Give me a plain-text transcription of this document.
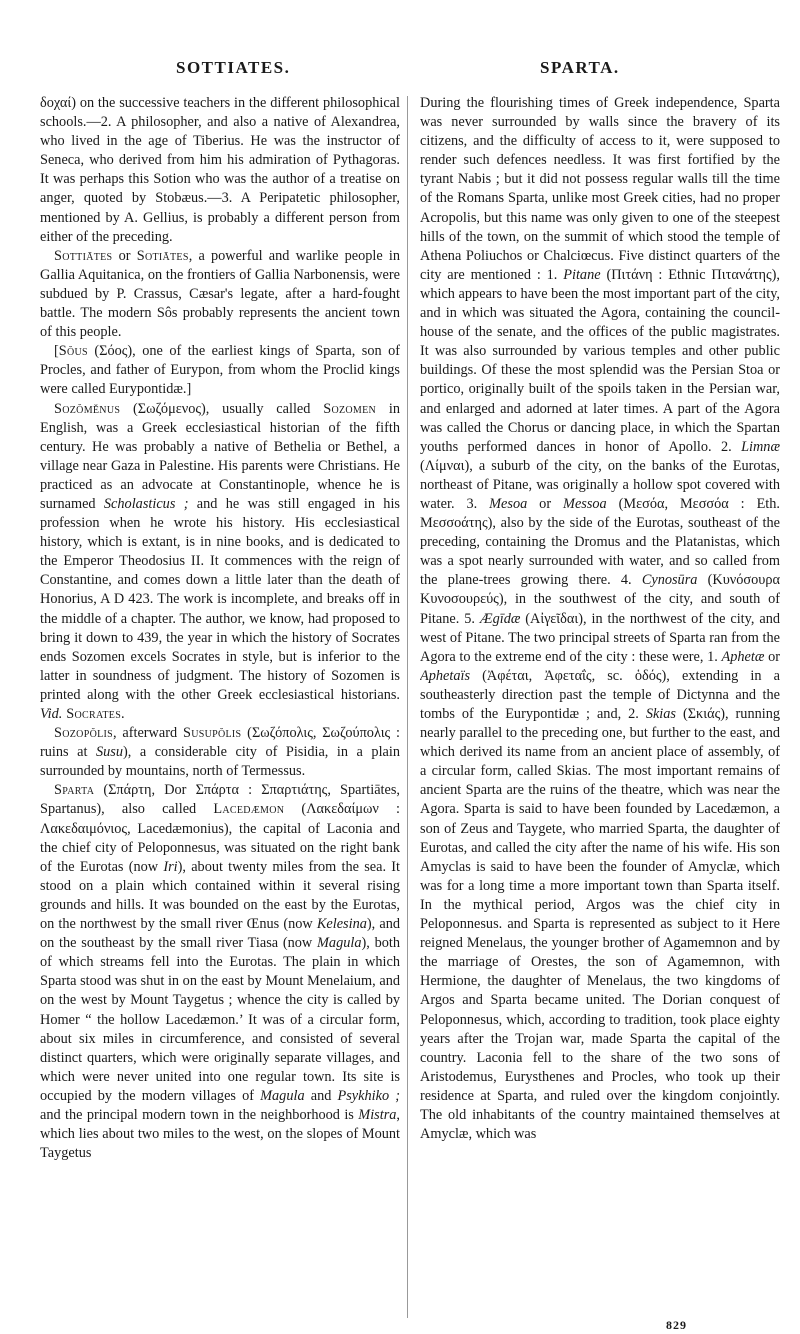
SOTTIATES.	SPARTA.

δοχαί) on the successive teachers in the different philosophical schools.—2. A philosopher, and also a native of Alexandrea, who lived in the age of Tiberius. He was the instructor of Seneca, who derived from him his admiration of Pythagoras. It was perhaps this Sotion who was the author of a treatise on anger, quoted by Stobæus.—3. A Peripatetic philosopher, mentioned by A. Gellius, is probably a different person from either of the preceding.

Sottiātes or Sotiātes, a powerful and warlike people in Gallia Aquitanica, on the frontiers of Gallia Narbonensis, were subdued by P. Crassus, Cæsar's legate, after a hard-fought battle. The modern Sôs probably represents the ancient town of this people.

[Sŏus (Σόος), one of the earliest kings of Sparta, son of Procles, and father of Eurypon, from whom the Proclid kings were called Eurypontidæ.]

Sozŏmĕnus (Σωζόμενος), usually called Sozomen in English, was a Greek ecclesiastical historian of the fifth century. He was probably a native of Bethelia or Bethel, a village near Gaza in Palestine. His parents were Christians. He practiced as an advocate at Constantinople, whence he is surnamed Scholasticus ; and he was still engaged in his profession when he wrote his history. His ecclesiastical history, which is extant, is in nine books, and is dedicated to the Emperor Theodosius II. It commences with the reign of Constantine, and comes down a little later than the death of Honorius, A D 423. The work is incomplete, and breaks off in the middle of a chapter. The author, we know, had proposed to bring it down to 439, the year in which the history of Socrates ends Sozomen excels Socrates in style, but is inferior to the latter in soundness of judgment. The history of Sozomen is printed along with the other Greek ecclesiastical historians. Vid. Socrates.

Sozopŏlis, afterward Susupŏlis (Σωζόπολις, Σωζούπολις : ruins at Susu), a considerable city of Pisidia, in a plain surrounded by mountains, north of Termessus.

Sparta (Σπάρτη, Dor Σπάρτα : Σπαρτιάτης, Spartiātes, Spartanus), also called Lacedæmon (Λακεδαίμων : Λακεδαιμόνιος, Lacedæmonius), the capital of Laconia and the chief city of Peloponnesus, was situated on the right bank of the Eurotas (now Iri), about twenty miles from the sea. It stood on a plain which contained within it several rising grounds and hills. It was bounded on the east by the Eurotas, on the northwest by the small river Œnus (now Kelesina), and on the southeast by the small river Tiasa (now Magula), both of which streams fell into the Eurotas. The plain in which Sparta stood was shut in on the east by Mount Menelaium, and on the west by Mount Taygetus ; whence the city is called by Homer “ the hollow Lacedæmon.’ It was of a circular form, about six miles in circumference, and consisted of several distinct quarters, which were originally separate villages, and which were never united into one regular town. Its site is occupied by the modern villages of Magula and Psykhiko ; and the principal modern town in the neighborhood is Mistra, which lies about two miles to the west, on the slopes of Mount Taygetus

During the flourishing times of Greek independence, Sparta was never surrounded by walls since the bravery of its citizens, and the difficulty of access to it, were supposed to render such defences needless. It was first fortified by the tyrant Nabis ; but it did not possess regular walls till the time of the Romans Sparta, unlike most Greek cities, had no proper Acropolis, but this name was only given to one of the steepest hills of the town, on the summit of which stood the temple of Athena Poliuchos or Chalciœcus. Five distinct quarters of the city are mentioned : 1. Pitane (Πιτάνη : Ethnic Πιτανάτης), which appears to have been the most important part of the city, and in which was situated the Agora, containing the council-house of the senate, and the offices of the public magistrates. It was also surrounded by various temples and other public buildings. Of these the most splendid was the Persian Stoa or portico, originally built of the spoils taken in the Persian war, and enlarged and adorned at later times. A part of the Agora was called the Chorus or dancing place, in which the Spartan youths performed dances in honor of Apollo. 2. Limnæ (Λίμναι), a suburb of the city, on the banks of the Eurotas, northeast of Pitane, was originally a hollow spot covered with water. 3. Mesoa or Messoa (Μεσόα, Μεσσόα : Eth. Μεσσοάτης), also by the side of the Eurotas, southeast of the preceding, containing the Dromus and the Platanistas, which was a spot nearly surrounded with water, and so called from the plane-trees growing there. 4. Cynosūra (Κυνόσουρα Κυνοσουρεύς), in the southwest of the city, and south of Pitane. 5. Ægīdæ (Αἰγεῖδαι), in the northwest of the city, and west of Pitane. The two principal streets of Sparta ran from the Agora to the extreme end of the city : these were, 1. Aphetæ or Aphetaïs (Ἀφέται, Ἀφεταΐς, sc. ὁδός), extending in a southeasterly direction past the temple of Dictynna and the tombs of the Eurypontidæ ; and, 2. Skias (Σκιάς), running nearly parallel to the preceding one, but further to the east, and which derived its name from an ancient place of assembly, of a circular form, called Skias. The most important remains of ancient Sparta are the ruins of the theatre, which was near the Agora. Sparta is said to have been founded by Lacedæmon, a son of Zeus and Taygete, who married Sparta, the daughter of Eurotas, and called the city after the name of his wife. His son Amyclas is said to have been the founder of Amyclæ, which was for a long time a more important town than Sparta itself. In the mythical period, Argos was the chief city in Peloponnesus. and Sparta is represented as subject to it Here reigned Menelaus, the younger brother of Agamemnon and by the marriage of Orestes, the son of Agamemnon, with Hermione, the daughter of Menelaus, the two kingdoms of Argos and Sparta became united. The Dorian conquest of Peloponnesus, which, according to tradition, took place eighty years after the Trojan war, made Sparta the capital of the country. Laconia fell to the share of the two sons of Aristodemus, Eurysthenes and Procles, who took up their residence at Sparta, and ruled over the kingdom conjointly. The old inhabitants of the country maintained themselves at Amyclæ, which was

829
